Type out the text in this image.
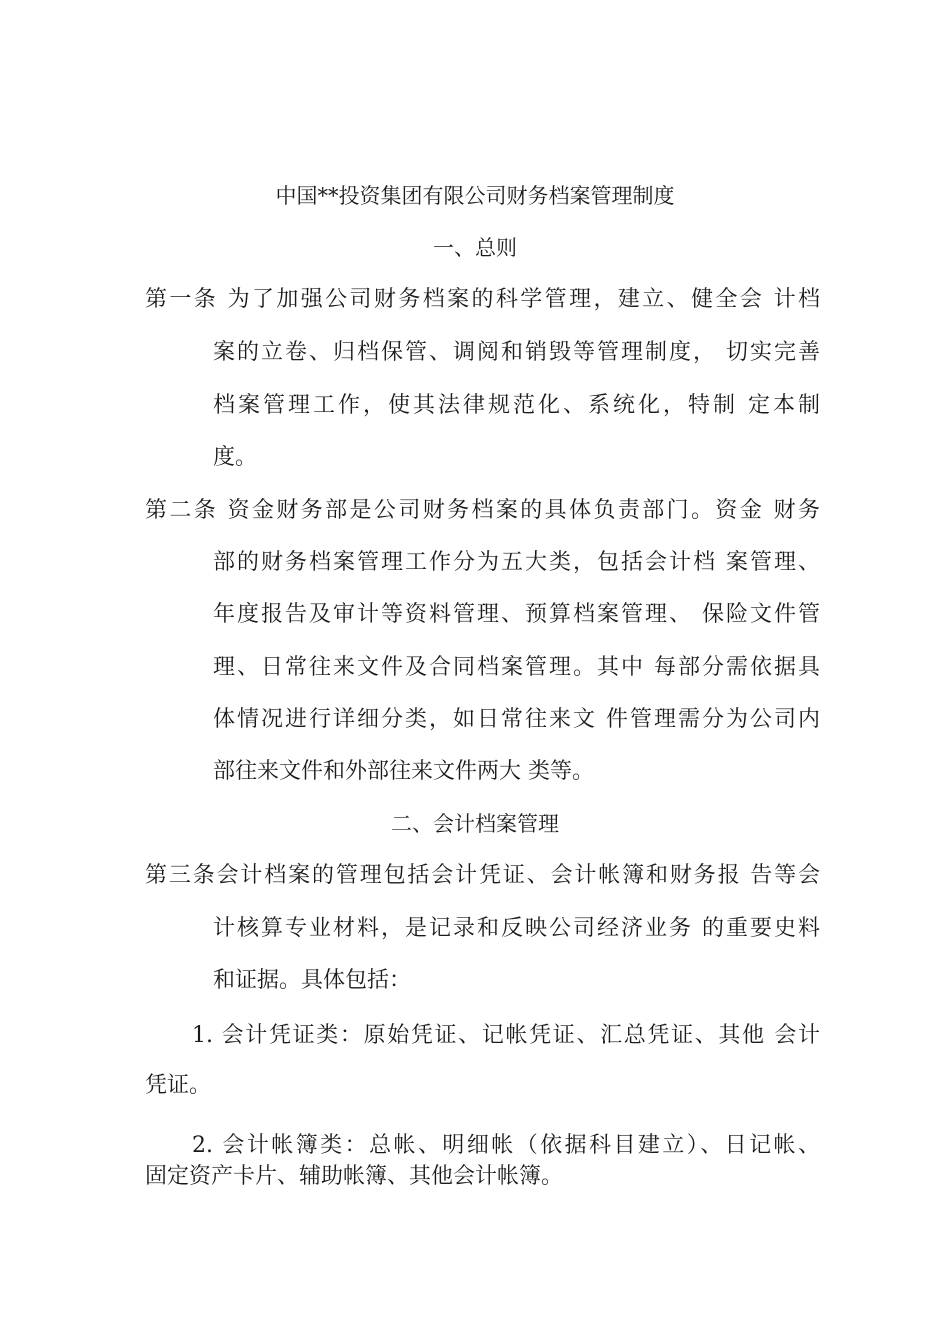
中国**投资集团有限公司财务档案管理制度
一、总则

第一条 为了加强公司财务档案的科学管理，建立、健全会 计档

案的立卷、归档保管、调阅和销毁等管理制度， 切实完善

档案管理工作，使其法律规范化、系统化，特制 定本制

度。

第二条 资金财务部是公司财务档案的具体负责部门。资金 财务

部的财务档案管理工作分为五大类，包括会计档 案管理、

年度报告及审计等资料管理、预算档案管理、 保险文件管

理、日常往来文件及合同档案管理。其中 每部分需依据具

体情况进行详细分类，如日常往来文 件管理需分为公司内

部往来文件和外部往来文件两大 类等。

二、会计档案管理

第三条会计档案的管理包括会计凭证、会计帐簿和财务报 告等会

计核算专业材料，是记录和反映公司经济业务 的重要史料

和证据。具体包括：

1. 会计凭证类：原始凭证、记帐凭证、汇总凭证、其他 会计

凭证。

2. 会计帐簿类：总帐、明细帐（依据科目建立）、日记帐、

固定资产卡片、辅助帐簿、其他会计帐簿。
